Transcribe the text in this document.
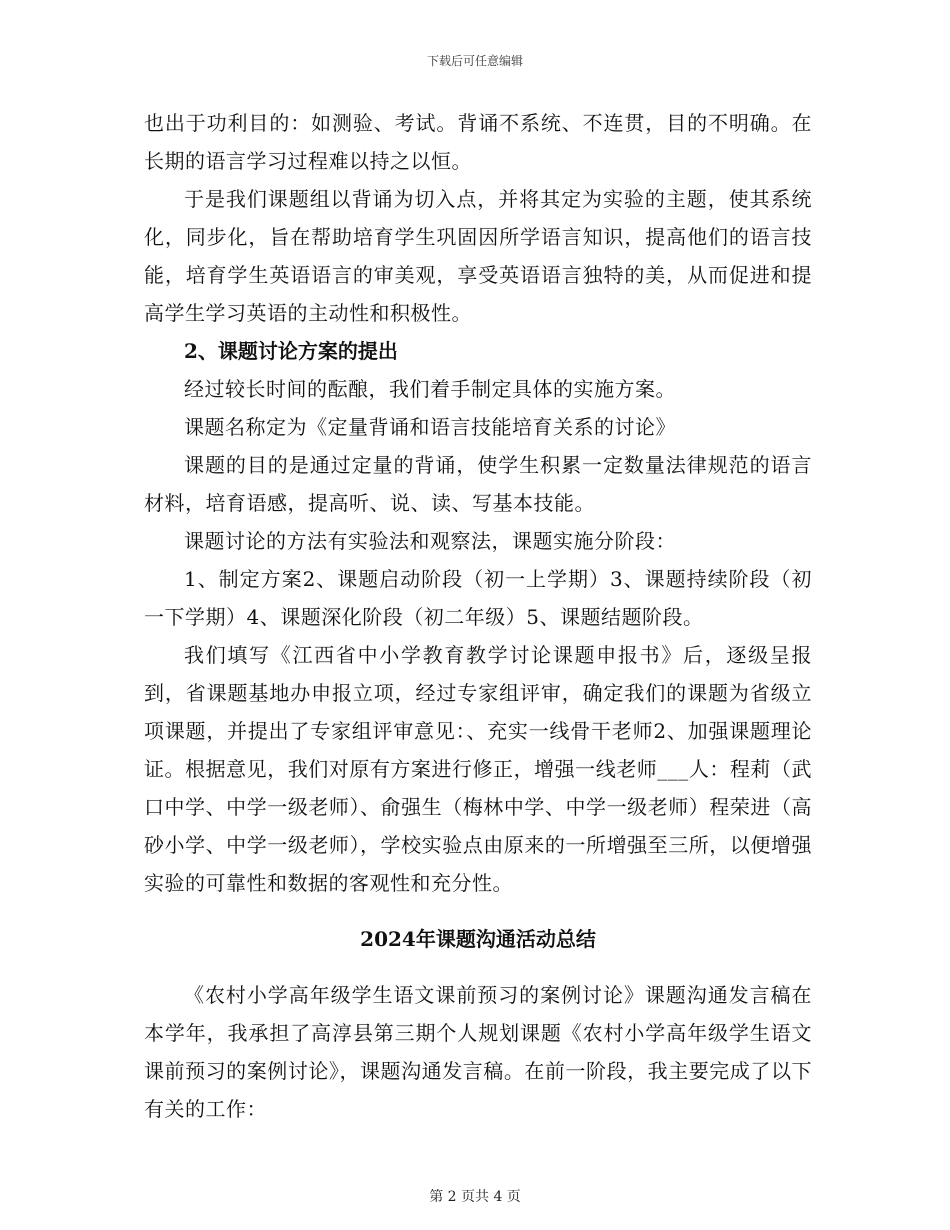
下载后可任意编辑

也出于功利目的：如测验、考试。背诵不系统、不连贯，目的不明确。在长期的语言学习过程难以持之以恒。

于是我们课题组以背诵为切入点，并将其定为实验的主题，使其系统化，同步化，旨在帮助培育学生巩固因所学语言知识，提高他们的语言技能，培育学生英语语言的审美观，享受英语语言独特的美，从而促进和提高学生学习英语的主动性和积极性。

2、课题讨论方案的提出

经过较长时间的酝酿，我们着手制定具体的实施方案。

课题名称定为《定量背诵和语言技能培育关系的讨论》

课题的目的是通过定量的背诵，使学生积累一定数量法律规范的语言材料，培育语感，提高听、说、读、写基本技能。

课题讨论的方法有实验法和观察法，课题实施分阶段：

1、制定方案2、课题启动阶段（初一上学期）3、课题持续阶段（初一下学期）4、课题深化阶段（初二年级）5、课题结题阶段。

我们填写《江西省中小学教育教学讨论课题申报书》后，逐级呈报到，省课题基地办申报立项，经过专家组评审，确定我们的课题为省级立项课题，并提出了专家组评审意见：、充实一线骨干老师2、加强课题理论证。根据意见，我们对原有方案进行修正，增强一线老师___人：程莉（武口中学、中学一级老师）、俞强生（梅林中学、中学一级老师）程荣进（高砂小学、中学一级老师），学校实验点由原来的一所增强至三所，以便增强实验的可靠性和数据的客观性和充分性。

2024年课题沟通活动总结

《农村小学高年级学生语文课前预习的案例讨论》课题沟通发言稿在本学年，我承担了高淳县第三期个人规划课题《农村小学高年级学生语文课前预习的案例讨论》，课题沟通发言稿。在前一阶段，我主要完成了以下有关的工作：

第 2 页共 4 页
